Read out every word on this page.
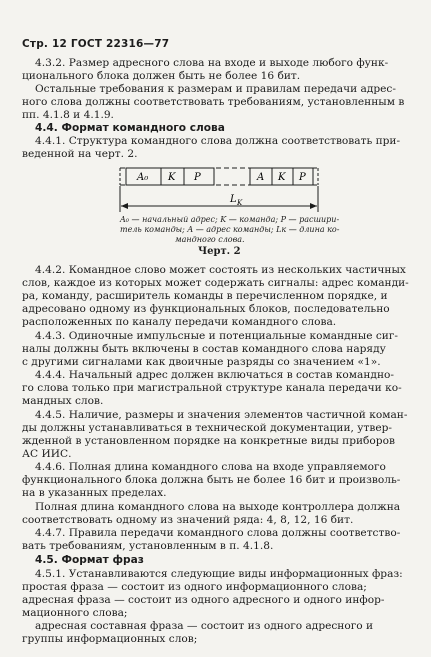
Стр. 12 ГОСТ 22316—77
4.3.2. Размер адресного слова на входе и выходе любого функ-
ционального блока должен быть не более 16 бит.
Остальные требования к размерам и правилам передачи адрес-
ного слова должны соответствовать требованиям, установленным в
пп. 4.1.8 и 4.1.9.
4.4. Формат командного слова
4.4.1. Структура командного слова должна соответствовать при-
веденной на черт. 2.
A₀ K P	A K P
L K
A₀ — начальный адрес; K — команда; P — расшири-
тель команды; A — адрес команды; Lк — длина ко-
мандного слова.
Черт. 2
4.4.2. Командное слово может состоять из нескольких частичных
слов, каждое из которых может содержать сигналы: адрес команди-
ра, команду, расширитель команды в перечисленном порядке, и
адресовано одному из функциональных блоков, последовательно
расположенных по каналу передачи командного слова.
4.4.3. Одиночные импульсные и потенциальные командные сиг-
налы должны быть включены в состав командного слова наряду
с другими сигналами как двоичные разряды со значением «1».
4.4.4. Начальный адрес должен включаться в состав командно-
го слова только при магистральной структуре канала передачи ко-
мандных слов.
4.4.5. Наличие, размеры и значения элементов частичной коман-
ды должны устанавливаться в технической документации, утвер-
жденной в установленном порядке на конкретные виды приборов
АС ИИС.
4.4.6. Полная длина командного слова на входе управляемого
функционального блока должна быть не более 16 бит и произволь-
на в указанных пределах.
Полная длина командного слова на выходе контроллера должна
соответствовать одному из значений ряда: 4, 8, 12, 16 бит.
4.4.7. Правила передачи командного слова должны соответство-
вать требованиям, установленным в п. 4.1.8.
4.5. Формат фраз
4.5.1. Устанавливаются следующие виды информационных фраз:
простая фраза — состоит из одного информационного слова;
адресная фраза — состоит из одного адресного и одного инфор-
мационного слова;
адресная составная фраза — состоит из одного адресного и
группы информационных слов;
